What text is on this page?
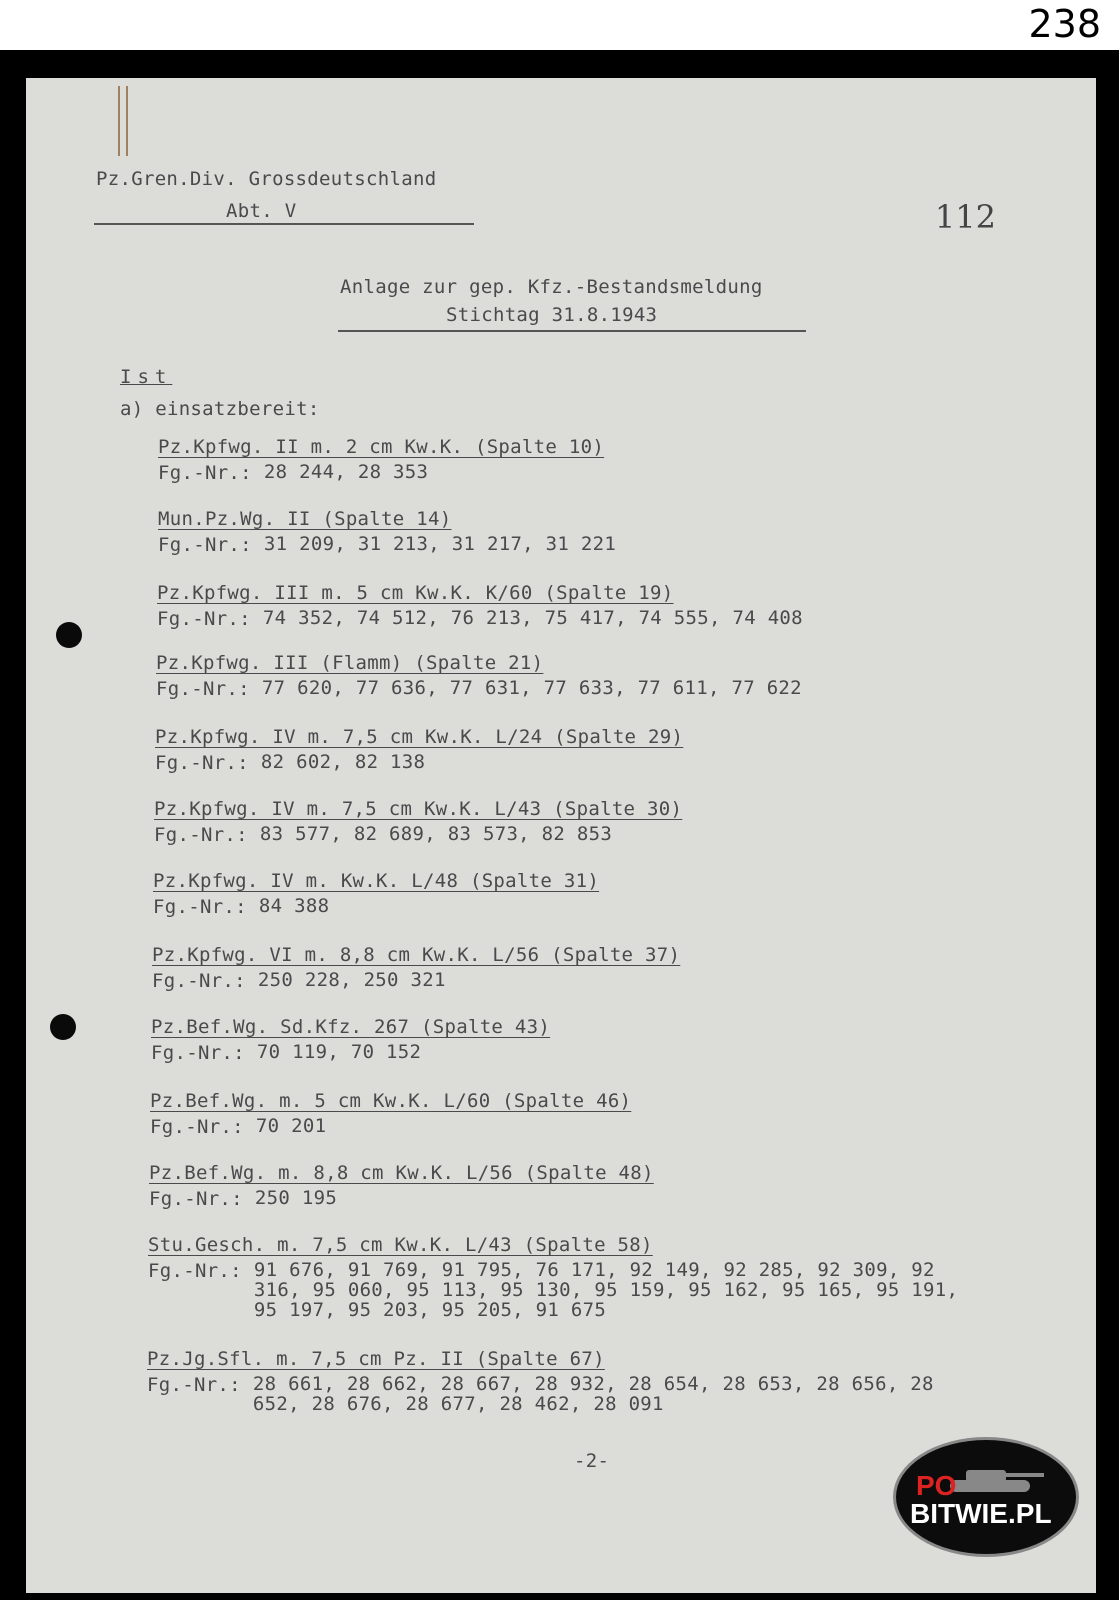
238
Pz.Gren.Div. Grossdeutschland
Abt. V	112
Anlage zur gep. Kfz.-Bestandsmeldung
Stichtag 31.8.1943
Ist
a) einsatzbereit:
Pz.Kpfwg. II m. 2 cm Kw.K. (Spalte 10)
Fg.-Nr.: 28 244, 28 353
Mun.Pz.Wg. II (Spalte 14)
Fg.-Nr.: 31 209, 31 213, 31 217, 31 221
Pz.Kpfwg. III m. 5 cm Kw.K. K/60 (Spalte 19)
Fg.-Nr.: 74 352, 74 512, 76 213, 75 417, 74 555, 74 408
Pz.Kpfwg. III (Flamm) (Spalte 21)
Fg.-Nr.: 77 620, 77 636, 77 631, 77 633, 77 611, 77 622
Pz.Kpfwg. IV m. 7,5 cm Kw.K. L/24 (Spalte 29)
Fg.-Nr.: 82 602, 82 138
Pz.Kpfwg. IV m. 7,5 cm Kw.K. L/43 (Spalte 30)
Fg.-Nr.: 83 577, 82 689, 83 573, 82 853
Pz.Kpfwg. IV m. Kw.K. L/48 (Spalte 31)
Fg.-Nr.: 84 388
Pz.Kpfwg. VI m. 8,8 cm Kw.K. L/56 (Spalte 37)
Fg.-Nr.: 250 228, 250 321
Pz.Bef.Wg. Sd.Kfz. 267 (Spalte 43)
Fg.-Nr.: 70 119, 70 152
Pz.Bef.Wg. m. 5 cm Kw.K. L/60 (Spalte 46)
Fg.-Nr.: 70 201
Pz.Bef.Wg. m. 8,8 cm Kw.K. L/56 (Spalte 48)
Fg.-Nr.: 250 195
Stu.Gesch. m. 7,5 cm Kw.K. L/43 (Spalte 58)
Fg.-Nr.: 91 676, 91 769, 91 795, 76 171, 92 149, 92 285, 92 309, 92 316, 95 060, 95 113, 95 130, 95 159, 95 162, 95 165, 95 191, 95 197, 95 203, 95 205, 91 675
Pz.Jg.Sfl. m. 7,5 cm Pz. II (Spalte 67)
Fg.-Nr.: 28 661, 28 662, 28 667, 28 932, 28 654, 28 653, 28 656, 28 652, 28 676, 28 677, 28 462, 28 091
-2-
PO
BITWIE.PL
